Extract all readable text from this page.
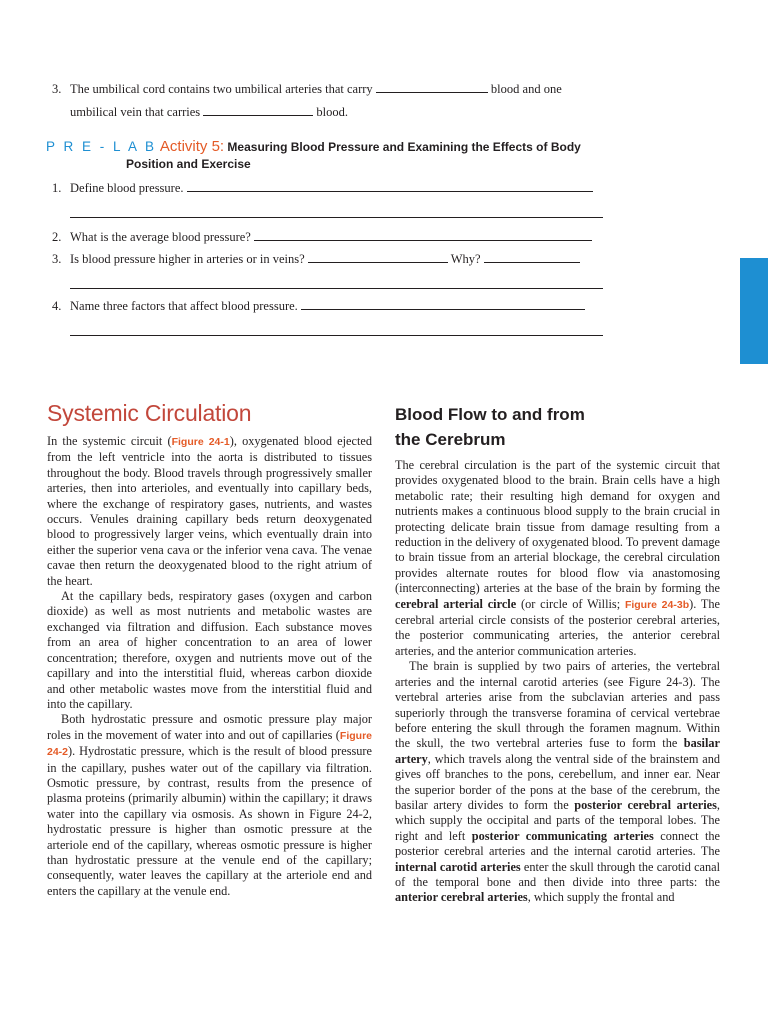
3. The umbilical cord contains two umbilical arteries that carry	blood and one
umbilical vein that carries	blood.
P R E - L A B Activity 5: Measuring Blood Pressure and Examining the Effects of Body
Position and Exercise
1. Define blood pressure.
2. What is the average blood pressure?
3. Is blood pressure higher in arteries or in veins?	Why?
4. Name three factors that affect blood pressure.
Systemic Circulation

In the systemic circuit (Figure 24-1), oxygenated blood ejected from the left ventricle into the aorta is distributed to tissues throughout the body. Blood travels through progressively smaller arteries, then into arterioles, and eventually into capillary beds, where the exchange of respiratory gases, nutrients, and wastes occurs. Venules draining capillary beds return deoxygenated blood to progressively larger veins, which eventually drain into either the superior vena cava or the inferior vena cava. The venae cavae then return the deoxygenated blood to the right atrium of the heart.

At the capillary beds, respiratory gases (oxygen and carbon dioxide) as well as most nutrients and metabolic wastes are exchanged via filtration and diffusion. Each substance moves from an area of higher concentration to an area of lower concentration; therefore, oxygen and nutrients move out of the capillary and into the interstitial fluid, whereas carbon dioxide and other metabolic wastes move from the interstitial fluid and into the capillary.

Both hydrostatic pressure and osmotic pressure play major roles in the movement of water into and out of capillaries (Figure 24-2). Hydrostatic pressure, which is the result of blood pressure in the capillary, pushes water out of the capillary via filtration. Osmotic pressure, by contrast, results from the presence of plasma proteins (primarily albumin) within the capillary; it draws water into the capillary via osmosis. As shown in Figure 24-2, hydrostatic pressure is higher than osmotic pressure at the arteriole end of the capillary, whereas osmotic pressure is higher than hydrostatic pressure at the venule end of the capillary; consequently, water leaves the capillary at the arteriole end and enters the capillary at the venule end.

Blood Flow to and from
the Cerebrum

The cerebral circulation is the part of the systemic circuit that provides oxygenated blood to the brain. Brain cells have a high metabolic rate; their resulting high demand for oxygen and nutrients makes a continuous blood supply to the brain crucial in protecting delicate brain tissue from damage resulting from a reduction in the delivery of oxygenated blood. To prevent damage to brain tissue from an arterial blockage, the cerebral circulation provides alternate routes for blood flow via anastomosing (interconnecting) arteries at the base of the brain by forming the cerebral arterial circle (or circle of Willis; Figure 24-3b). The cerebral arterial circle consists of the posterior cerebral arteries, the posterior communicating arteries, the anterior cerebral arteries, and the anterior communication arteries.

The brain is supplied by two pairs of arteries, the vertebral arteries and the internal carotid arteries (see Figure 24-3). The vertebral arteries arise from the subclavian arteries and pass superiorly through the transverse foramina of cervical vertebrae before entering the skull through the foramen magnum. Within the skull, the two vertebral arteries fuse to form the basilar artery, which travels along the ventral side of the brainstem and gives off branches to the pons, cerebellum, and inner ear. Near the superior border of the pons at the base of the cerebrum, the basilar artery divides to form the posterior cerebral arteries, which supply the occipital and parts of the temporal lobes. The right and left posterior communicating arteries connect the posterior cerebral arteries and the internal carotid arteries. The internal carotid arteries enter the skull through the carotid canal of the temporal bone and then divide into three parts: the anterior cerebral arteries, which supply the frontal and
